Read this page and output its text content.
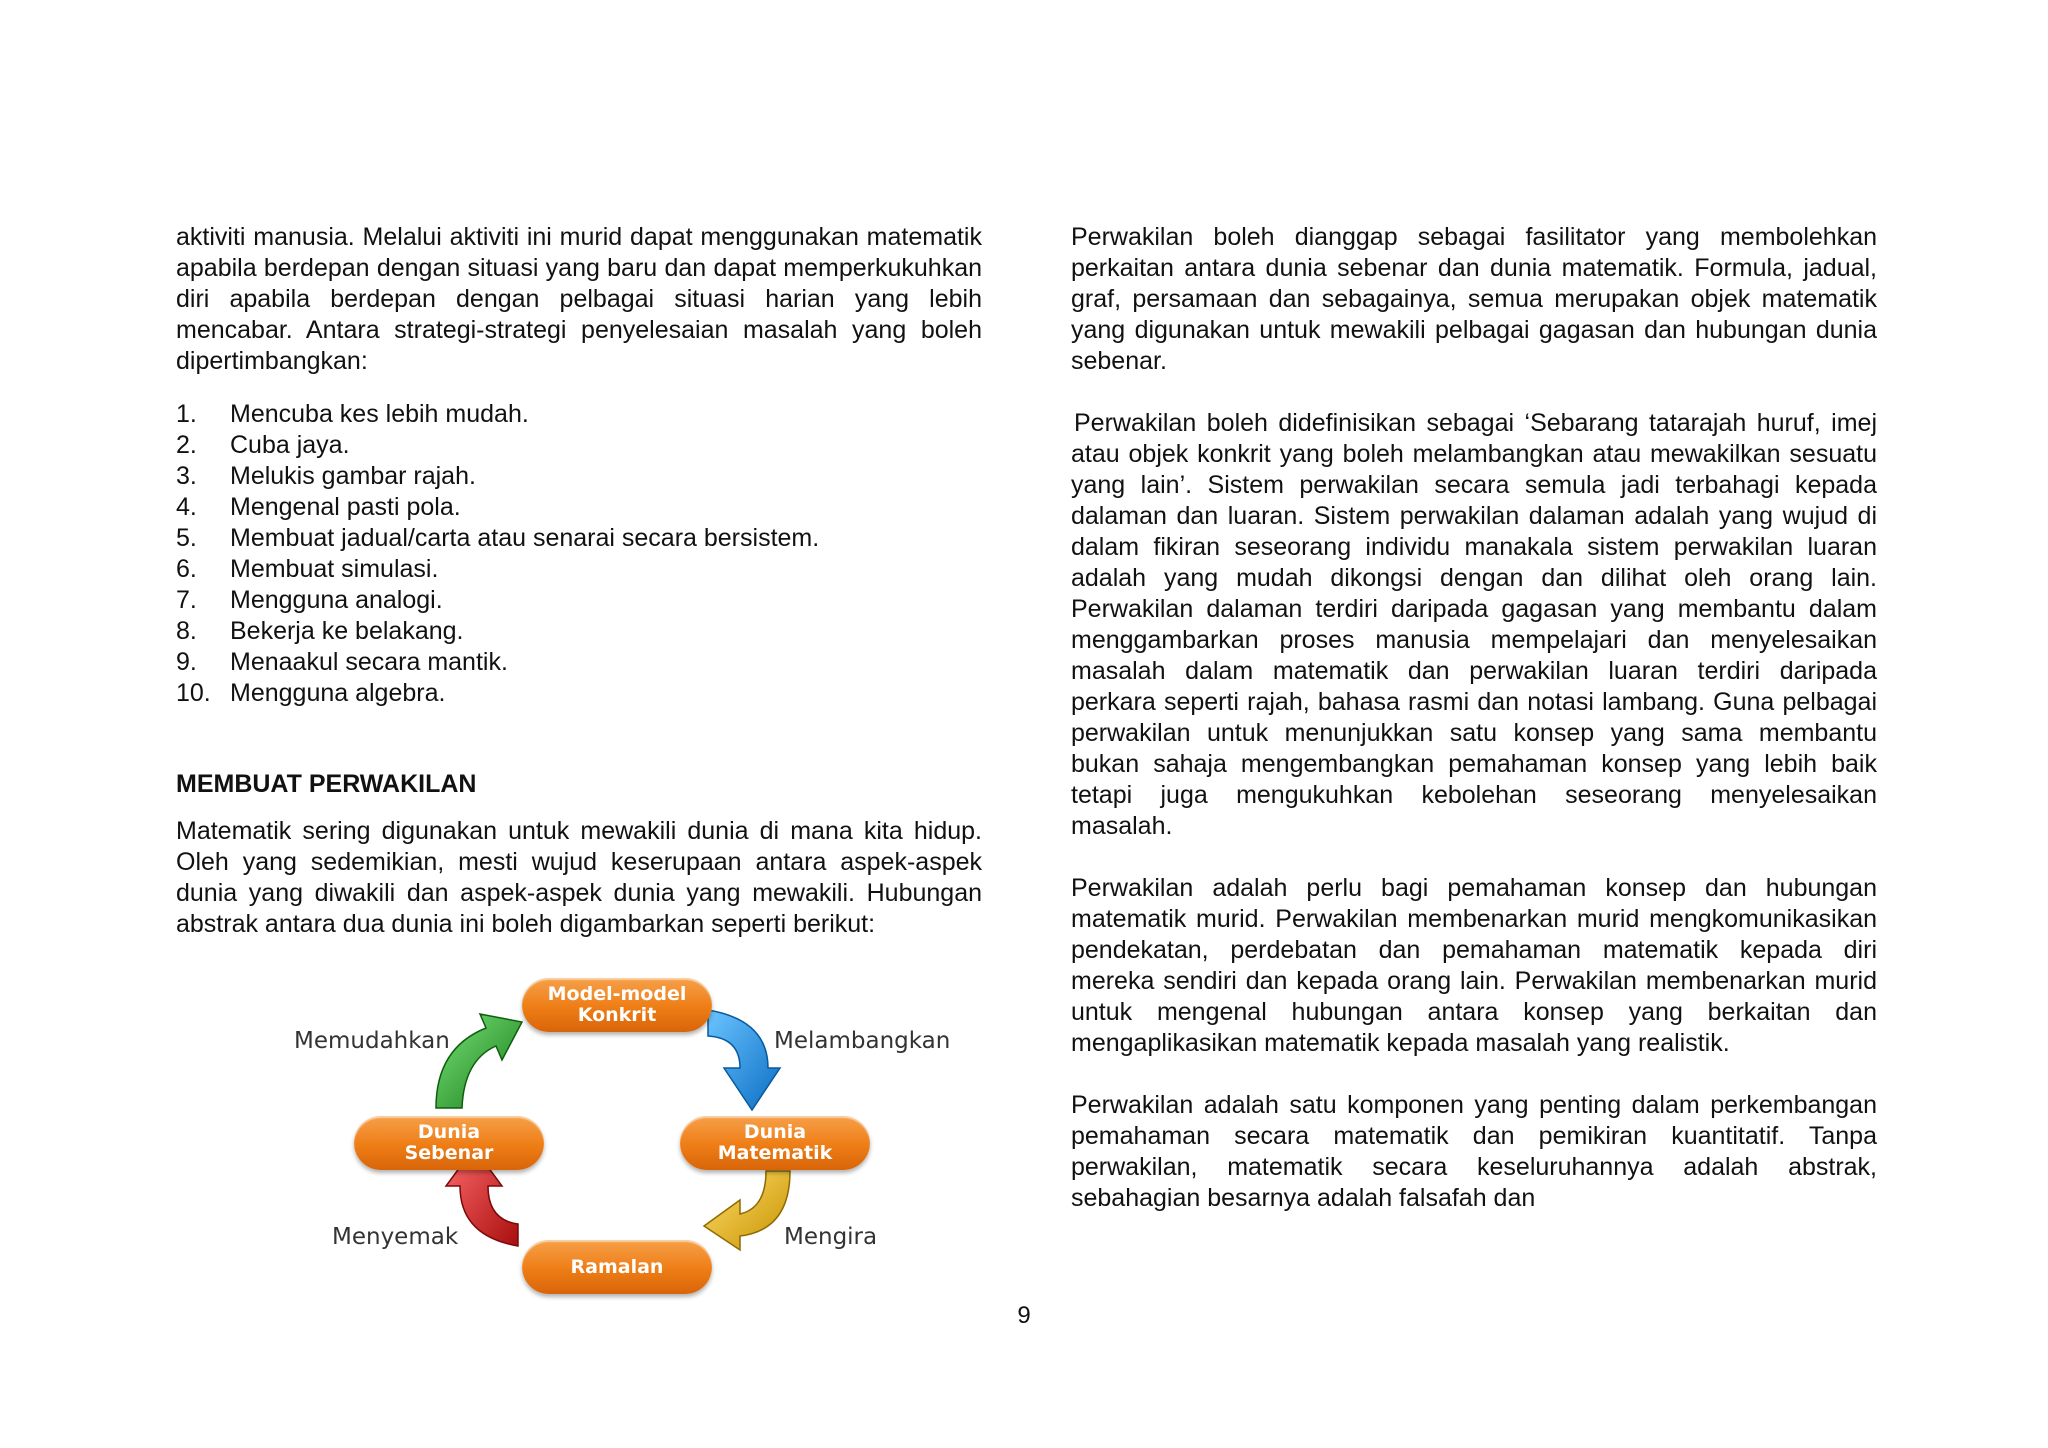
aktiviti manusia. Melalui aktiviti ini murid dapat menggunakan matematik apabila berdepan dengan situasi yang baru dan dapat memperkukuhkan diri apabila berdepan dengan pelbagai situasi harian yang lebih mencabar. Antara strategi-strategi penyelesaian masalah yang boleh dipertimbangkan:

1.	Mencuba kes lebih mudah.
2.	Cuba jaya.
3.	Melukis gambar rajah.
4.	Mengenal pasti pola.
5.	Membuat jadual/carta atau senarai secara bersistem.
6.	Membuat simulasi.
7.	Mengguna analogi.
8.	Bekerja ke belakang.
9.	Menaakul secara mantik.
10. Mengguna algebra.
MEMBUAT PERWAKILAN

Matematik sering digunakan untuk mewakili dunia di mana kita hidup. Oleh yang sedemikian, mesti wujud keserupaan antara aspek-aspek dunia yang diwakili dan aspek-aspek dunia yang mewakili. Hubungan abstrak antara dua dunia ini boleh digambarkan seperti berikut:

Model-model
Konkrit
Dunia
Matematik
Ramalan
Dunia
Sebenar
Melambangkan
Mengira
Menyemak
Memudahkan

Perwakilan boleh dianggap sebagai fasilitator yang membolehkan perkaitan antara dunia sebenar dan dunia matematik. Formula, jadual, graf, persamaan dan sebagainya, semua merupakan objek matematik yang digunakan untuk mewakili pelbagai gagasan dan hubungan dunia sebenar.

Perwakilan boleh didefinisikan sebagai ‘Sebarang tatarajah huruf, imej atau objek konkrit yang boleh melambangkan atau mewakilkan sesuatu yang lain’. Sistem perwakilan secara semula jadi terbahagi kepada dalaman dan luaran. Sistem perwakilan dalaman adalah yang wujud di dalam fikiran seseorang individu manakala sistem perwakilan luaran adalah yang mudah dikongsi dengan dan dilihat oleh orang lain. Perwakilan dalaman terdiri daripada gagasan yang membantu dalam menggambarkan proses manusia mempelajari dan menyelesaikan masalah dalam matematik dan perwakilan luaran terdiri daripada perkara seperti rajah, bahasa rasmi dan notasi lambang. Guna pelbagai perwakilan untuk menunjukkan satu konsep yang sama membantu bukan sahaja mengembangkan pemahaman konsep yang lebih baik tetapi juga mengukuhkan kebolehan seseorang menyelesaikan masalah.

Perwakilan adalah perlu bagi pemahaman konsep dan hubungan matematik murid. Perwakilan membenarkan murid mengkomunikasikan pendekatan, perdebatan dan pemahaman matematik kepada diri mereka sendiri dan kepada orang lain. Perwakilan membenarkan murid untuk mengenal hubungan antara konsep yang berkaitan dan mengaplikasikan matematik kepada masalah yang realistik.

Perwakilan adalah satu komponen yang penting dalam perkembangan pemahaman secara matematik dan pemikiran kuantitatif. Tanpa perwakilan, matematik secara keseluruhannya adalah abstrak, sebahagian besarnya adalah falsafah dan

9
